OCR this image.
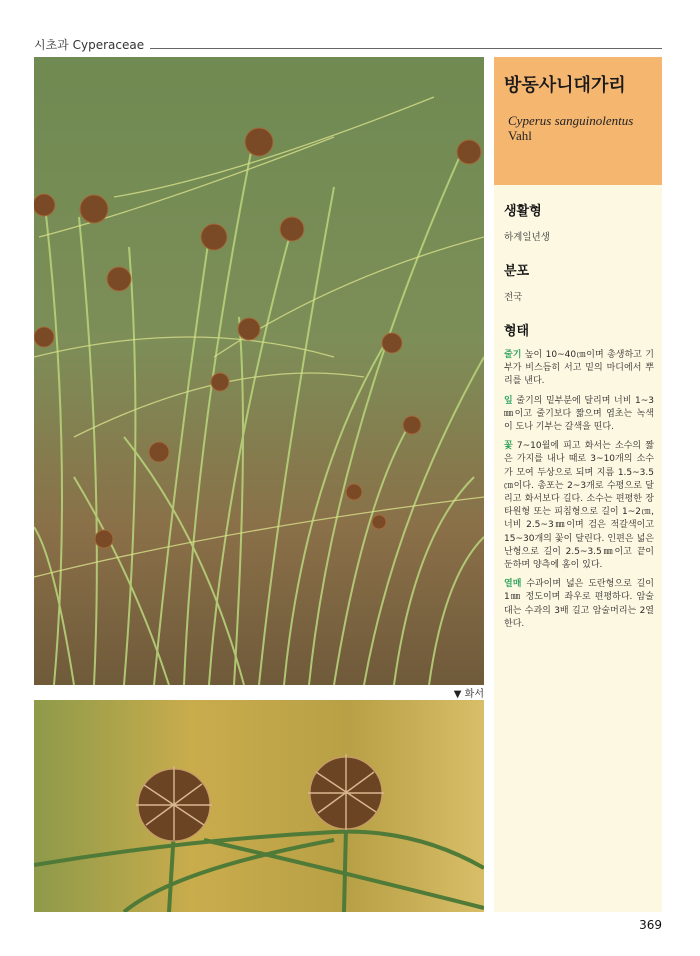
시초과 Cyperaceae
▼ 화서
방동사니대가리
Cyperus sanguinolentus
Vahl
생활형
하계일년생
분포
전국
형태

줄기 높이 10~40㎝이며 총생하고 기부가 비스듬히 서고 밑의 마디에서 뿌리를 낸다.

잎 줄기의 밑부분에 달리며 너비 1~3㎜이고 줄기보다 짧으며 엽초는 녹색이 도나 기부는 갈색을 띤다.

꽃 7~10월에 피고 화서는 소수의 짧은 가지를 내나 때로 3~10개의 소수가 모여 두상으로 되며 지름 1.5~3.5㎝이다. 총포는 2~3개로 수평으로 달리고 화서보다 길다. 소수는 편평한 장타원형 또는 피침형으로 길이 1~2㎝, 너비 2.5~3㎜이며 검은 적갈색이고 15~30개의 꽃이 달린다. 인편은 넓은 난형으로 길이 2.5~3.5㎜이고 끝이 둔하며 양측에 홈이 있다.

열매 수과이며 넓은 도란형으로 길이 1㎜ 정도이며 좌우로 편평하다. 암술대는 수과의 3배 길고 암술머리는 2열한다.

369
